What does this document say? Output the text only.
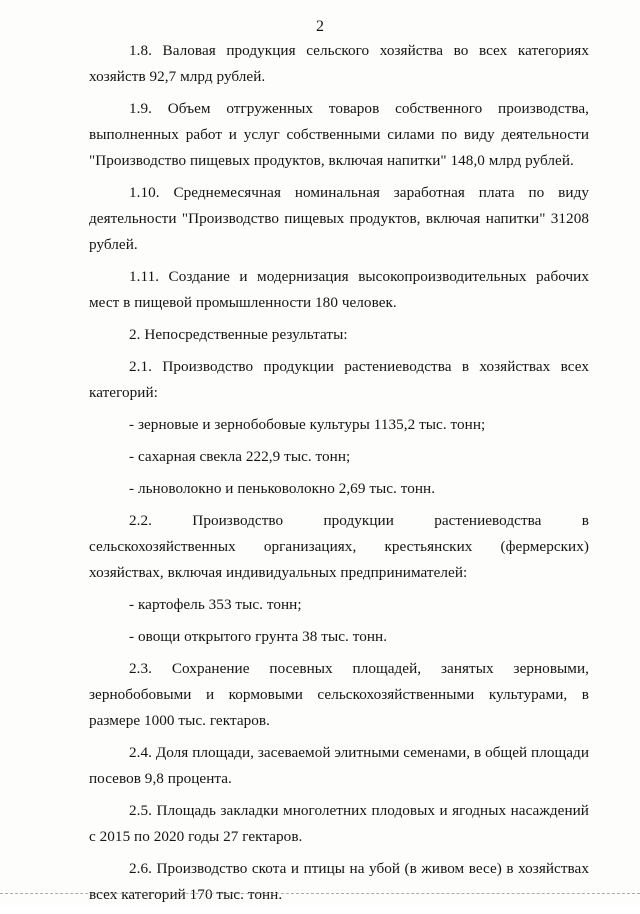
2

1.8. Валовая продукция сельского хозяйства во всех категориях хозяйств 92,7 млрд рублей.

1.9. Объем отгруженных товаров собственного производства, выполненных работ и услуг собственными силами по виду деятельности "Производство пищевых продуктов, включая напитки" 148,0 млрд рублей.

1.10. Среднемесячная номинальная заработная плата по виду деятельности "Производство пищевых продуктов, включая напитки" 31208 рублей.

1.11. Создание и модернизация высокопроизводительных рабочих мест в пищевой промышленности 180 человек.

2. Непосредственные результаты:

2.1. Производство продукции растениеводства в хозяйствах всех категорий:

- зерновые и зернобобовые культуры 1135,2 тыс. тонн;

- сахарная свекла 222,9 тыс. тонн;

- льноволокно и пеньковолокно 2,69 тыс. тонн.

2.2. Производство продукции растениеводства в сельскохозяйственных организациях, крестьянских (фермерских) хозяйствах, включая индивидуальных предпринимателей:

- картофель 353 тыс. тонн;

- овощи открытого грунта 38 тыс. тонн.

2.3. Сохранение посевных площадей, занятых зерновыми, зернобобовыми и кормовыми сельскохозяйственными культурами, в размере 1000 тыс. гектаров.

2.4. Доля площади, засеваемой элитными семенами, в общей площади посевов 9,8 процента.

2.5. Площадь закладки многолетних плодовых и ягодных насаждений с 2015 по 2020 годы 27 гектаров.

2.6. Производство скота и птицы на убой (в живом весе) в хозяйствах всех категорий 170 тыс. тонн.
